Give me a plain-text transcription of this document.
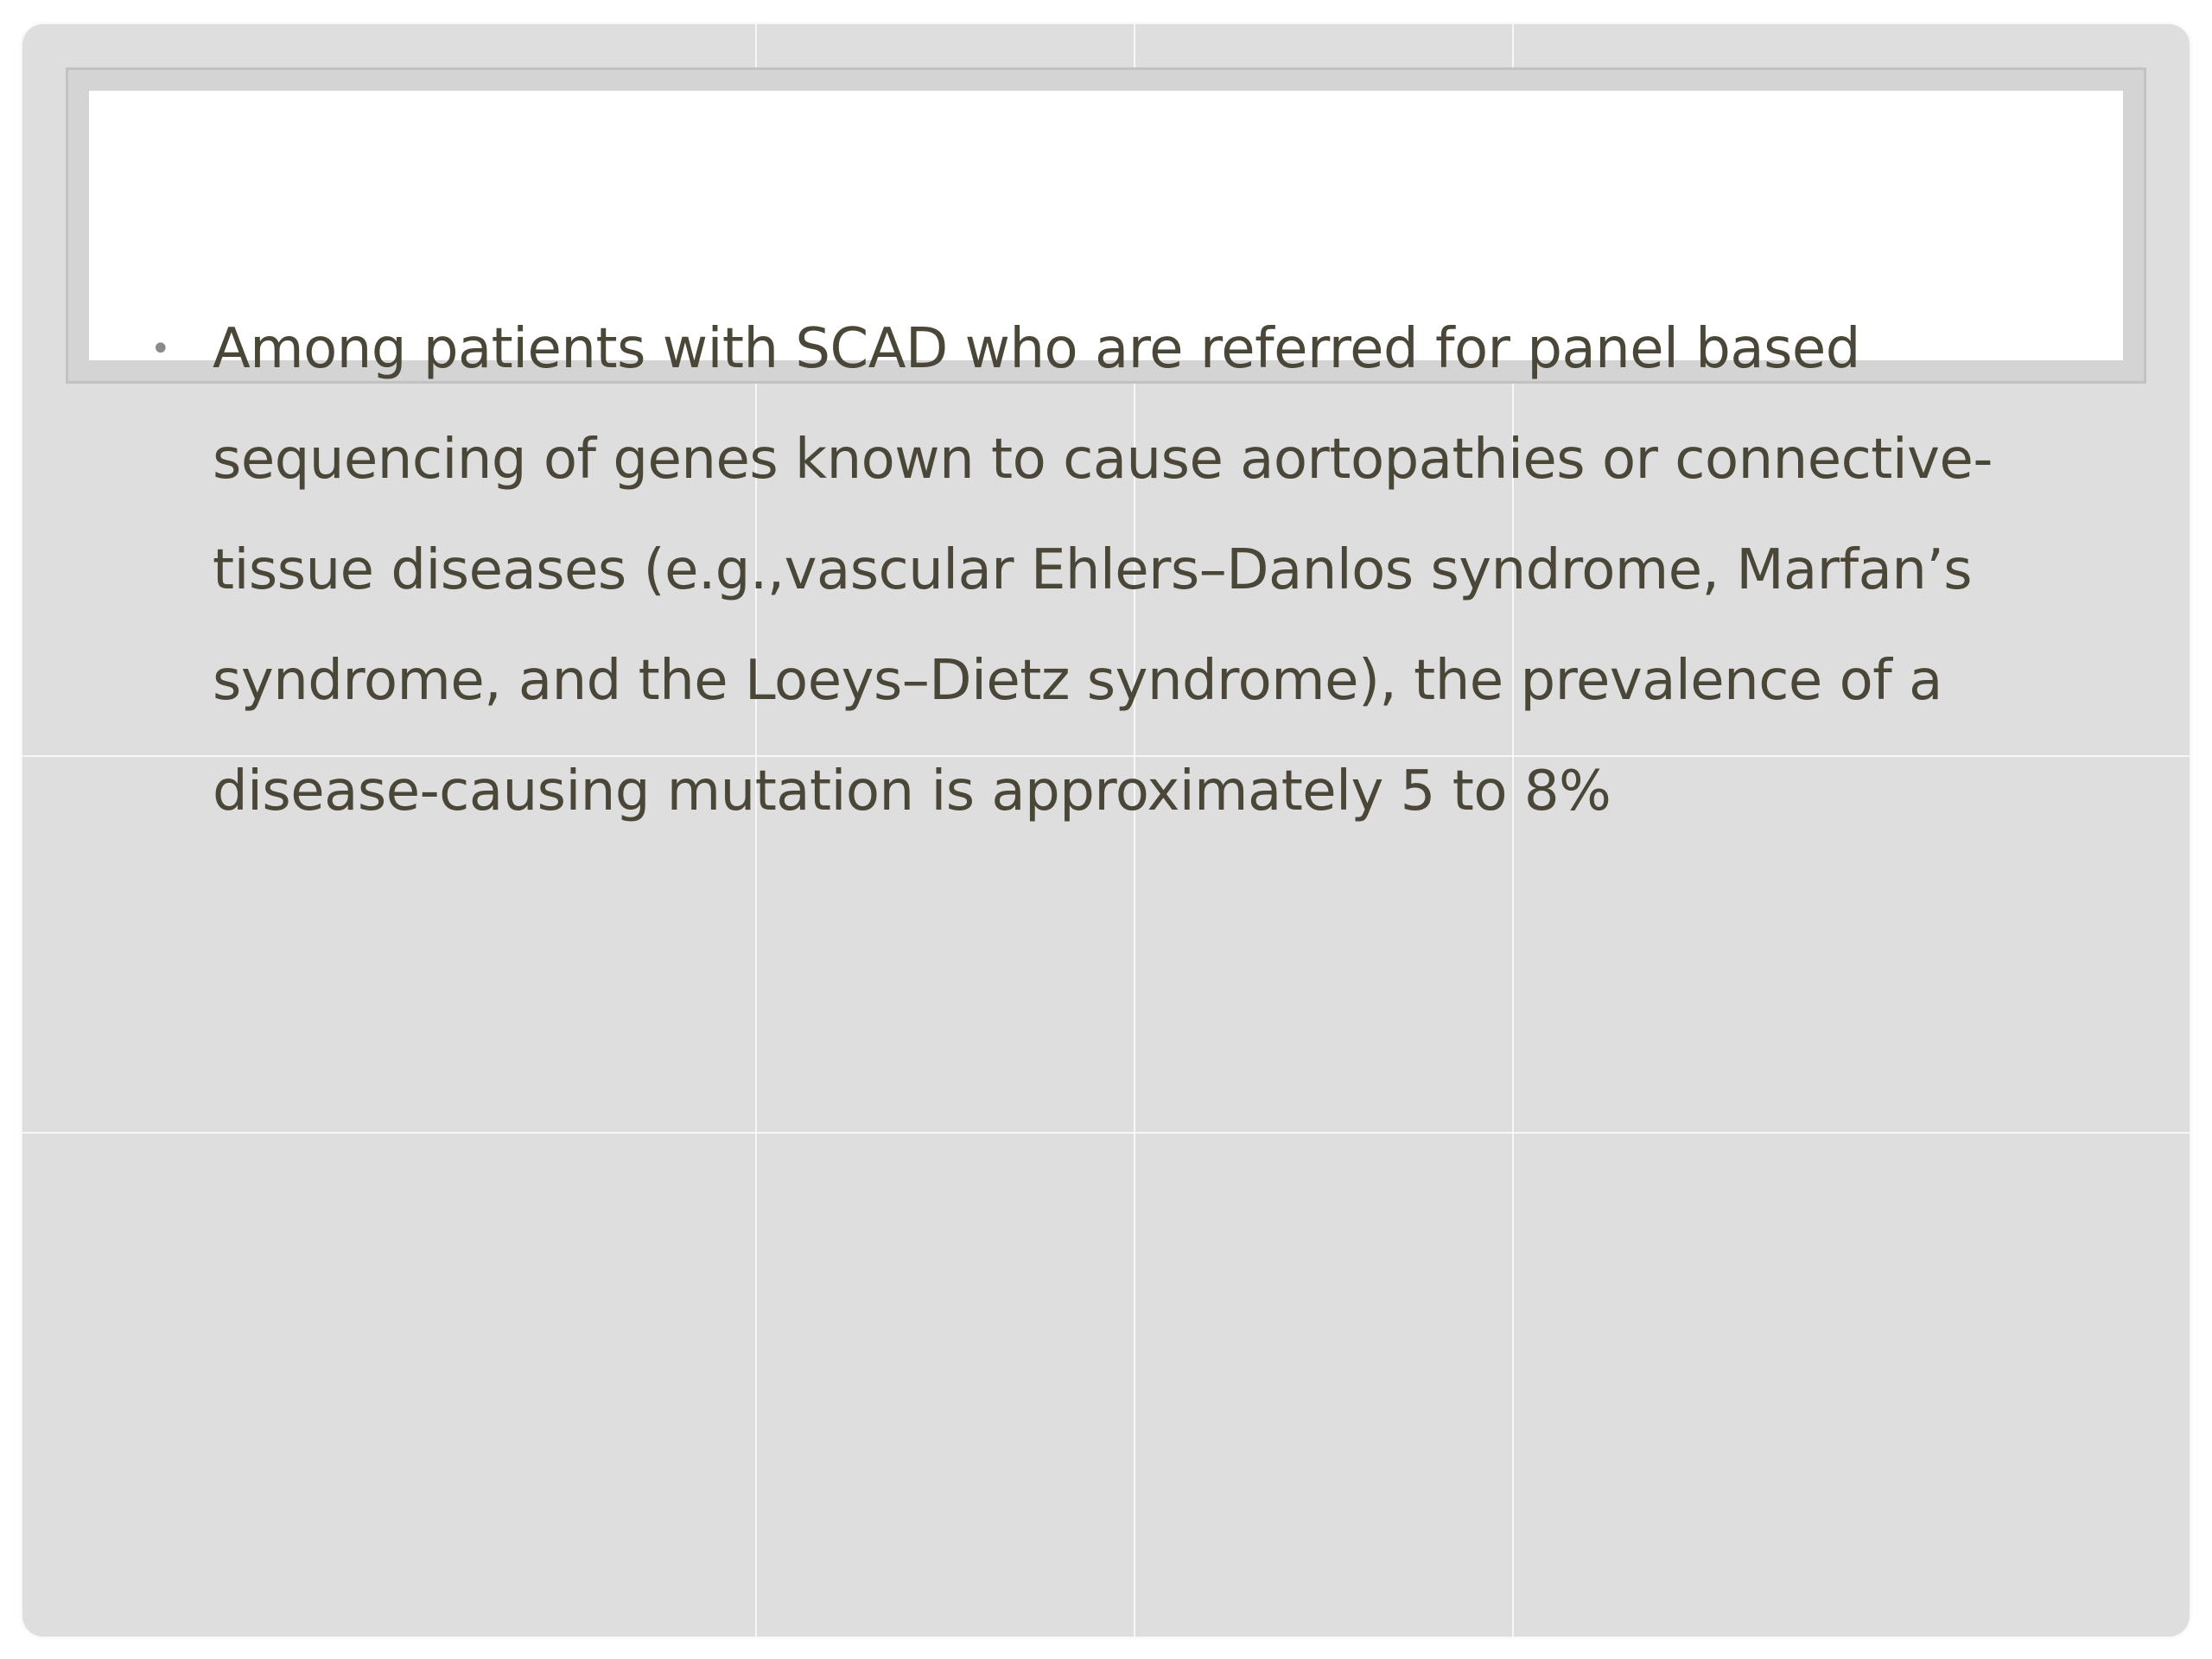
• Among patients with SCAD who are referred for panel based sequencing of genes known to cause aortopathies or connective-tissue diseases (e.g.,vascular Ehlers–Danlos syndrome, Marfan’s syndrome, and the Loeys–Dietz syndrome), the prevalence of a disease-causing mutation is approximately 5 to 8%
